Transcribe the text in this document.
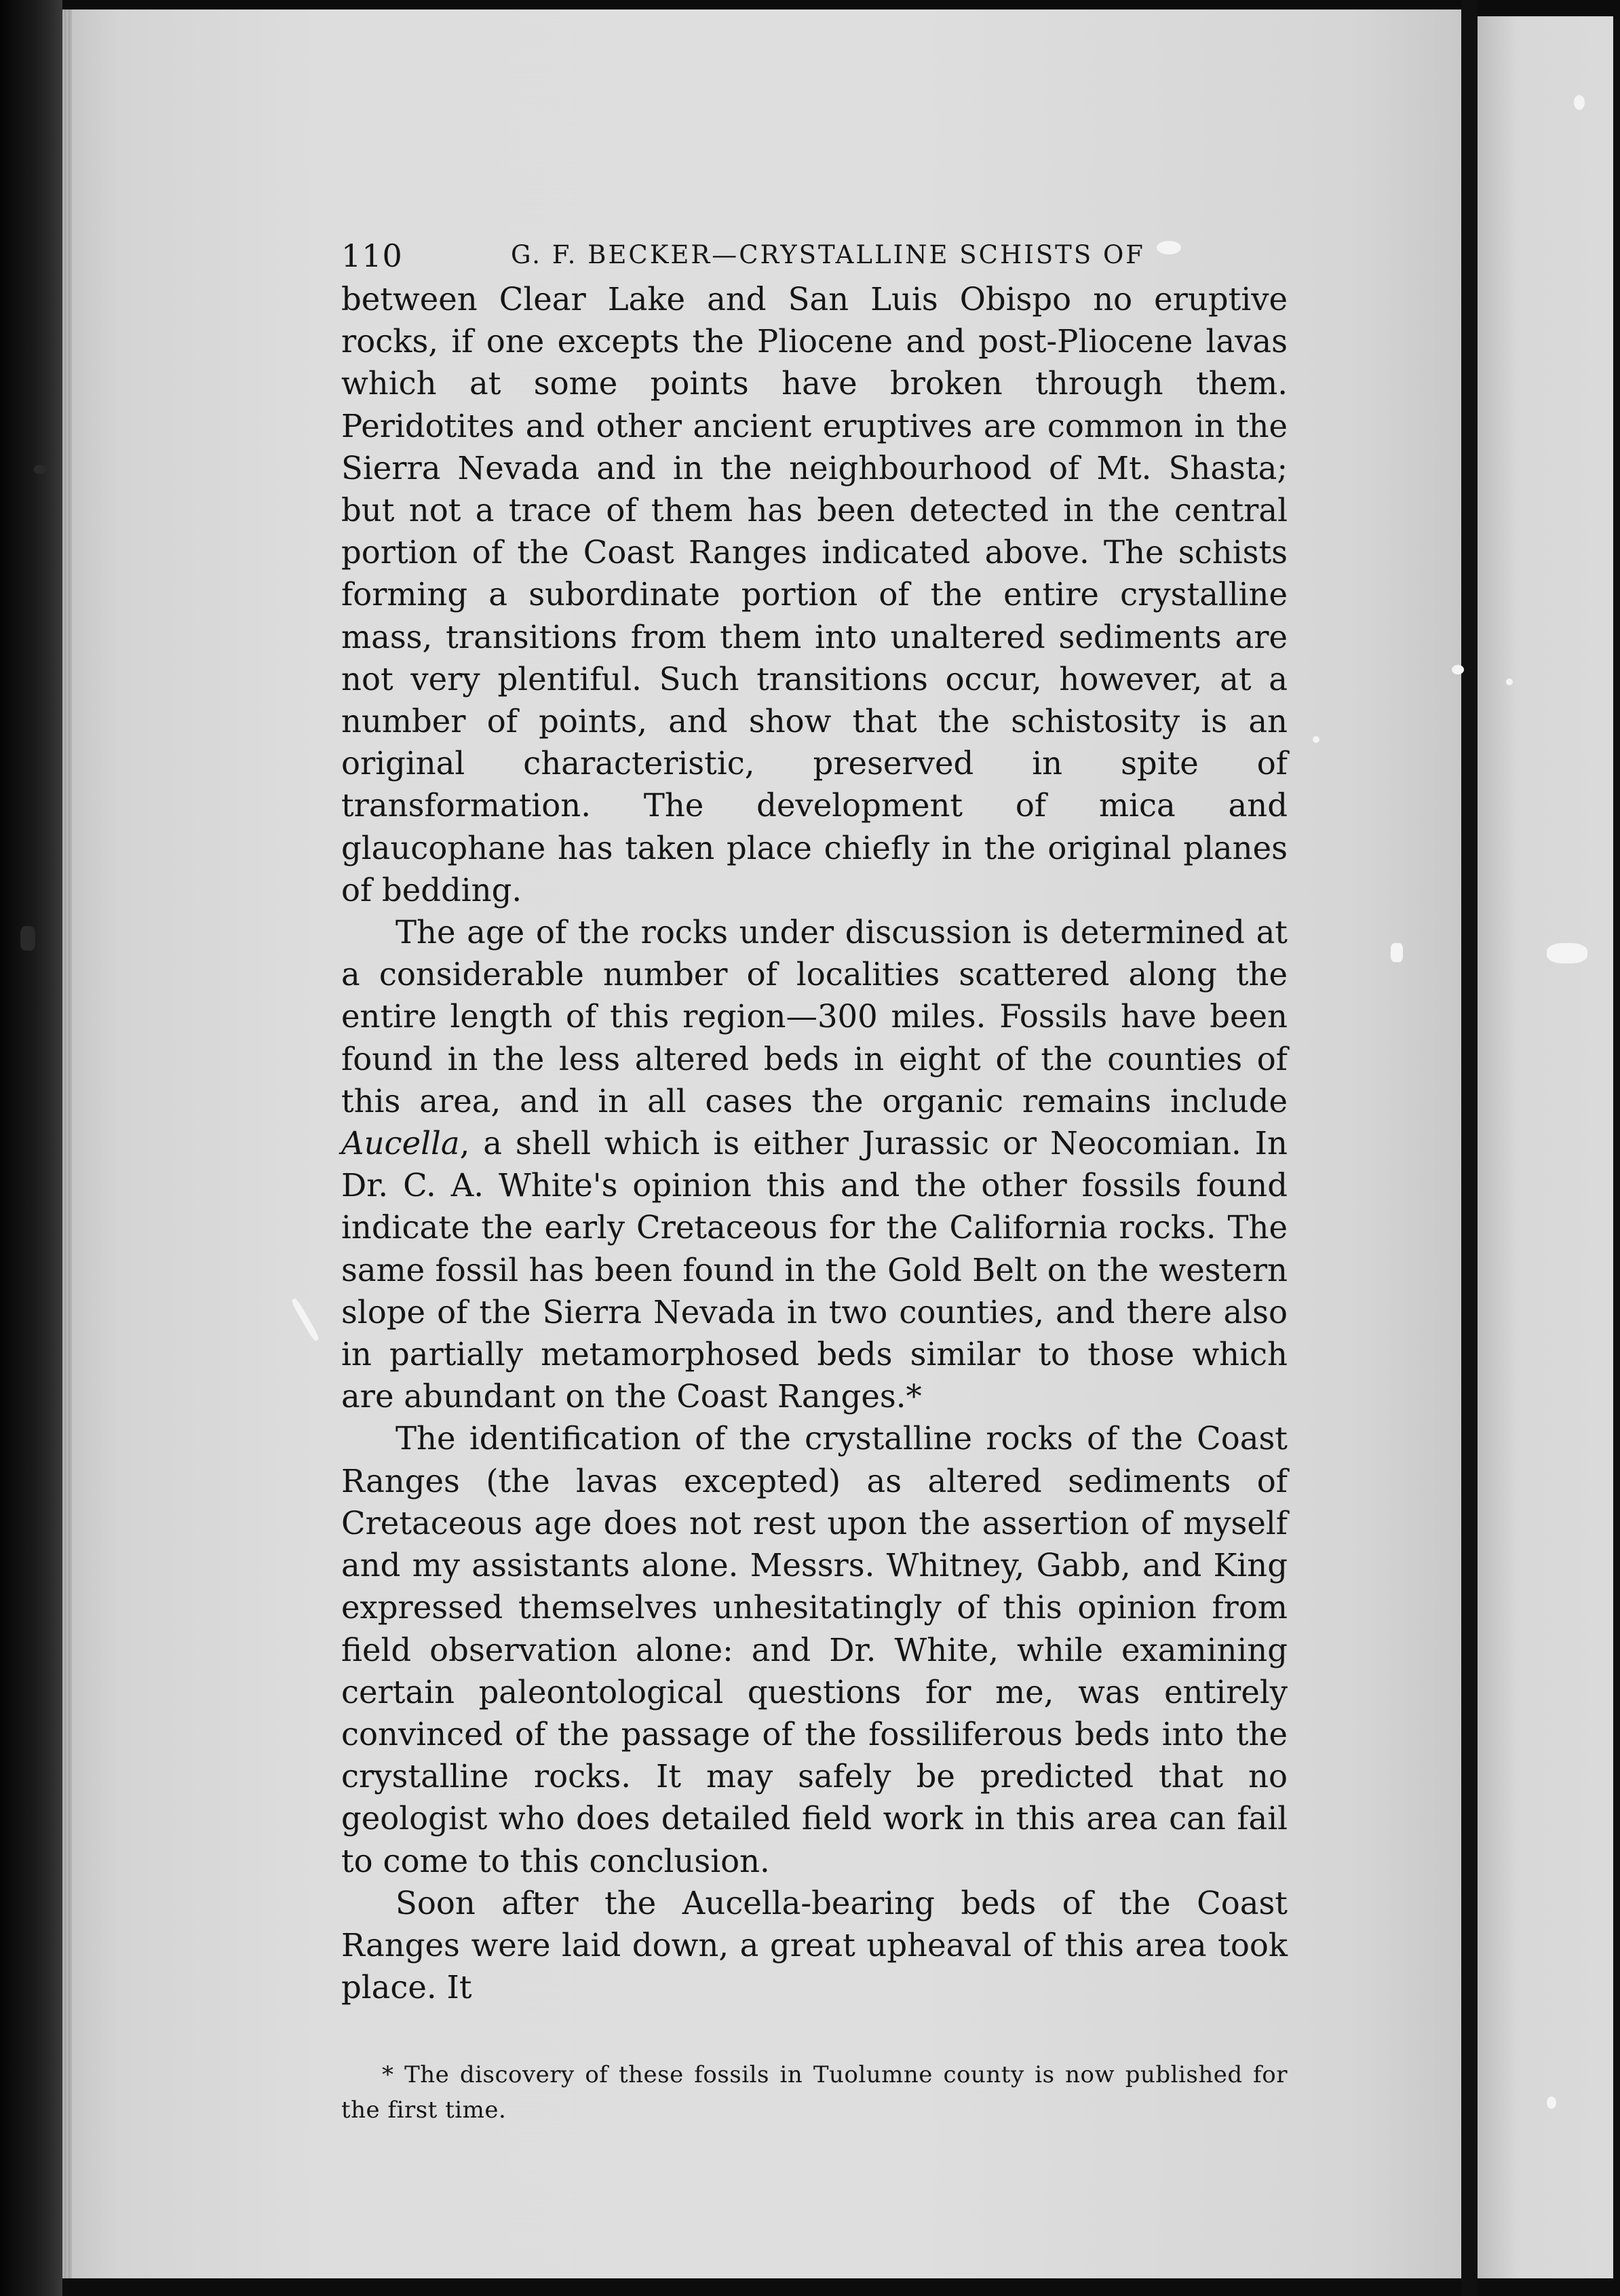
110	G. F. BECKER—CRYSTALLINE SCHISTS OF

between Clear Lake and San Luis Obispo no eruptive rocks, if one excepts the Pliocene and post-Pliocene lavas which at some points have broken through them. Peridotites and other ancient eruptives are common in the Sierra Nevada and in the neighbourhood of Mt. Shasta; but not a trace of them has been detected in the central portion of the Coast Ranges indicated above. The schists forming a subordinate portion of the entire crystalline mass, transitions from them into unaltered sediments are not very plentiful. Such transitions occur, however, at a number of points, and show that the schistosity is an original characteristic, preserved in spite of transformation. The development of mica and glaucophane has taken place chiefly in the original planes of bedding.

The age of the rocks under discussion is determined at a considerable number of localities scattered along the entire length of this region—300 miles. Fossils have been found in the less altered beds in eight of the counties of this area, and in all cases the organic remains include Aucella, a shell which is either Jurassic or Neocomian. In Dr. C. A. White's opinion this and the other fossils found indicate the early Cretaceous for the California rocks. The same fossil has been found in the Gold Belt on the western slope of the Sierra Nevada in two counties, and there also in partially metamorphosed beds similar to those which are abundant on the Coast Ranges.*

The identification of the crystalline rocks of the Coast Ranges (the lavas excepted) as altered sediments of Cretaceous age does not rest upon the assertion of myself and my assistants alone. Messrs. Whitney, Gabb, and King expressed themselves unhesitatingly of this opinion from field observation alone: and Dr. White, while examining certain paleontological questions for me, was entirely convinced of the passage of the fossiliferous beds into the crystalline rocks. It may safely be predicted that no geologist who does detailed field work in this area can fail to come to this conclusion.

Soon after the Aucella-bearing beds of the Coast Ranges were laid down, a great upheaval of this area took place. It

* The discovery of these fossils in Tuolumne county is now published for the first time.
